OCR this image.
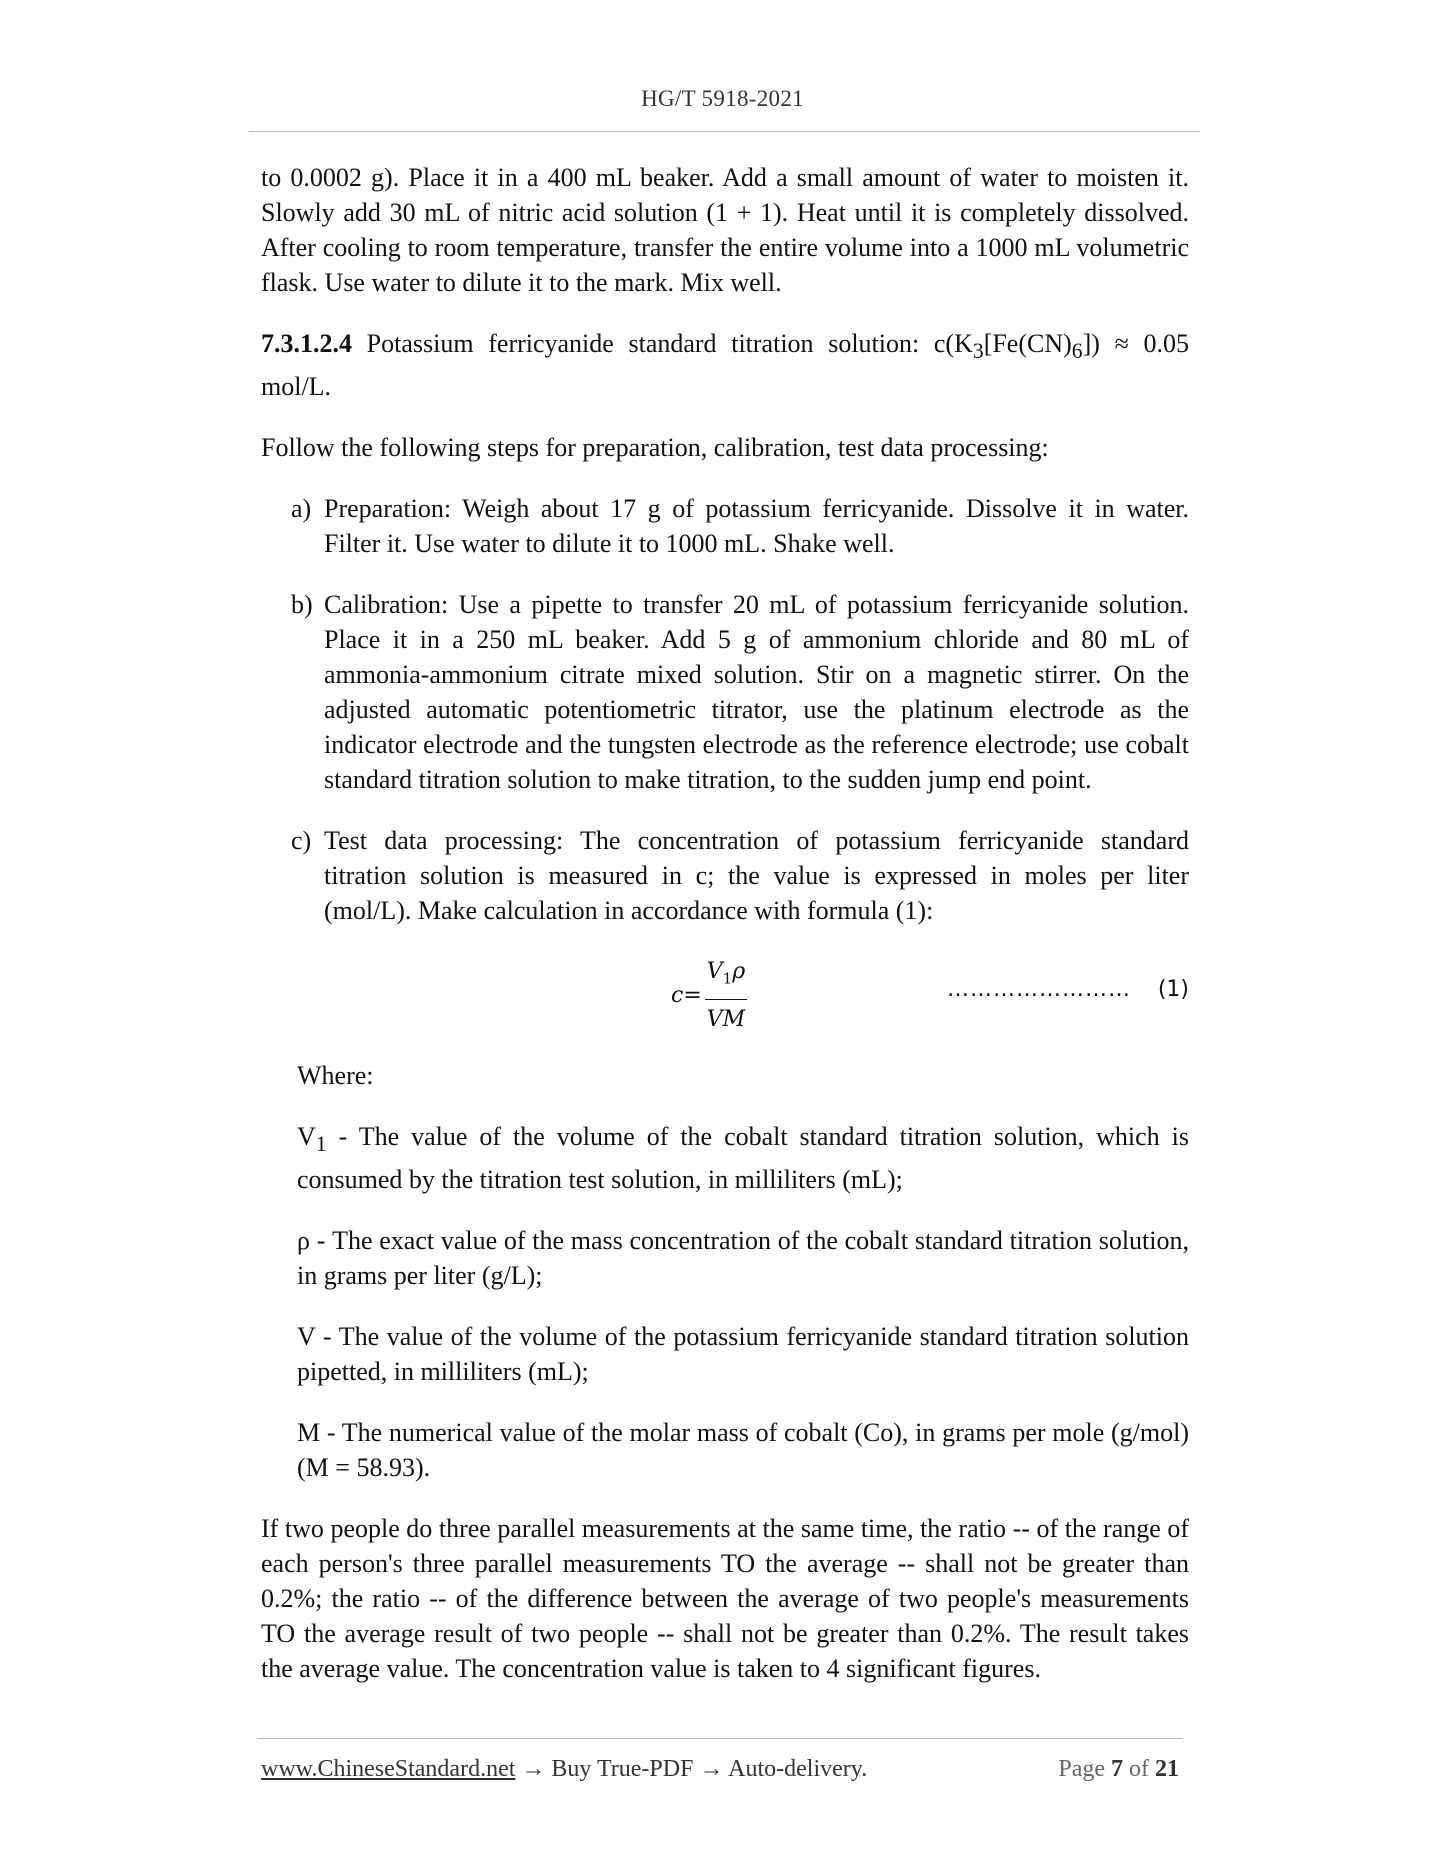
HG/T 5918-2021

to 0.0002 g). Place it in a 400 mL beaker. Add a small amount of water to moisten it. Slowly add 30 mL of nitric acid solution (1 + 1). Heat until it is completely dissolved. After cooling to room temperature, transfer the entire volume into a 1000 mL volumetric flask. Use water to dilute it to the mark. Mix well.

7.3.1.2.4 Potassium ferricyanide standard titration solution: $c(K_3[Fe(CN)_6]) \approx 0.05$ mol/L.

Follow the following steps for preparation, calibration, test data processing:

a) Preparation: Weigh about 17 g of potassium ferricyanide. Dissolve it in water. Filter it. Use water to dilute it to 1000 mL. Shake well.
b) Calibration: Use a pipette to transfer 20 mL of potassium ferricyanide solution. Place it in a 250 mL beaker. Add 5 g of ammonium chloride and 80 mL of ammonia-ammonium citrate mixed solution. Stir on a magnetic stirrer. On the adjusted automatic potentiometric titrator, use the platinum electrode as the indicator electrode and the tungsten electrode as the reference electrode; use cobalt standard titration solution to make titration, to the sudden jump end point.
c) Test data processing: The concentration of potassium ferricyanide standard titration solution is measured in c; the value is expressed in moles per liter (mol/L). Make calculation in accordance with formula (1):
$c = \frac{V_1\rho}{VM}$	…………………… (1)

Where:

$V_1$ - The value of the volume of the cobalt standard titration solution, which is consumed by the titration test solution, in milliliters (mL);

ρ - The exact value of the mass concentration of the cobalt standard titration solution, in grams per liter (g/L);

V - The value of the volume of the potassium ferricyanide standard titration solution pipetted, in milliliters (mL);

M - The numerical value of the molar mass of cobalt (Co), in grams per mole (g/mol) (M = 58.93).

If two people do three parallel measurements at the same time, the ratio -- of the range of each person's three parallel measurements TO the average -- shall not be greater than 0.2%; the ratio -- of the difference between the average of two people's measurements TO the average result of two people -- shall not be greater than 0.2%. The result takes the average value. The concentration value is taken to 4 significant figures.

www.ChineseStandard.net → Buy True-PDF → Auto-delivery.	Page 7 of 21
